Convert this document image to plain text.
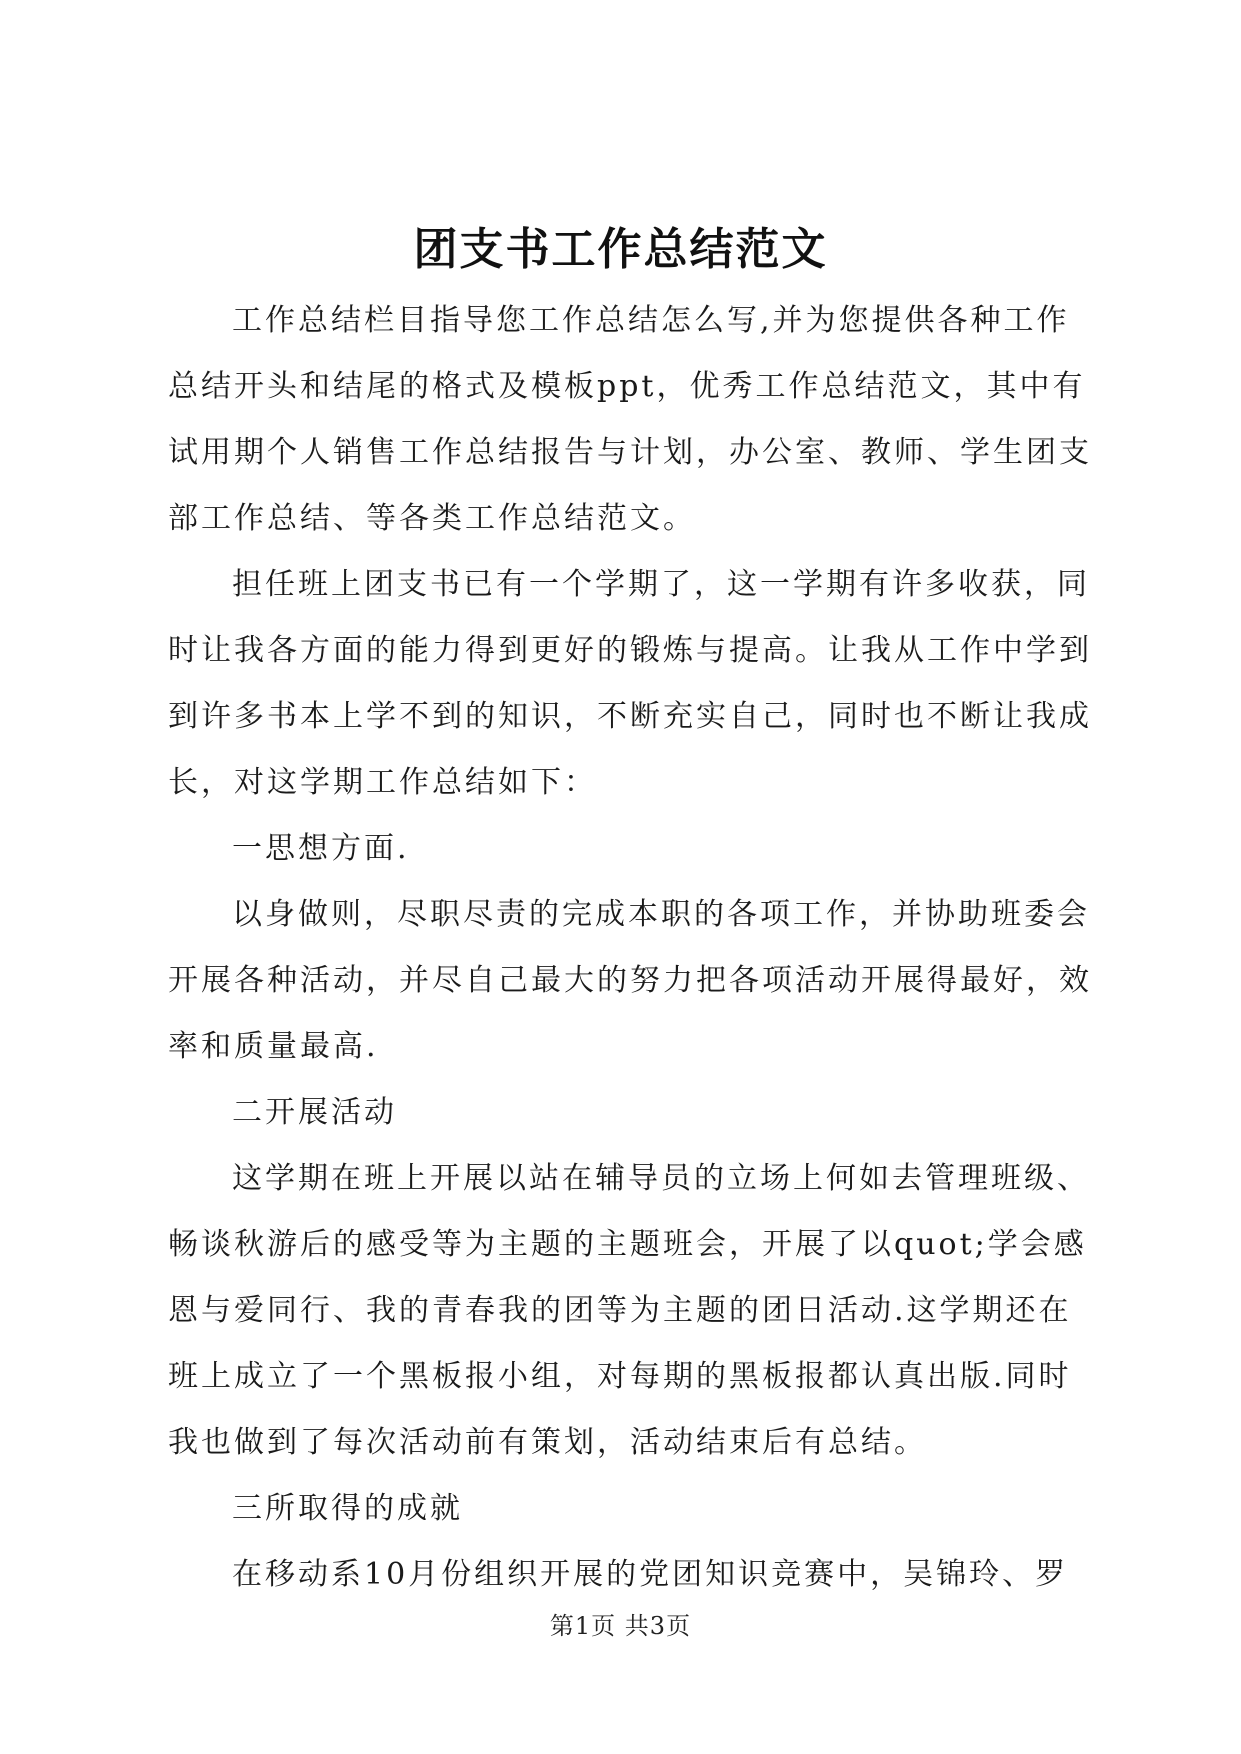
团支书工作总结范文
工作总结栏目指导您工作总结怎么写,并为您提供各种工作
总结开头和结尾的格式及模板ppt，优秀工作总结范文，其中有
试用期个人销售工作总结报告与计划，办公室、教师、学生团支
部工作总结、等各类工作总结范文。
担任班上团支书已有一个学期了，这一学期有许多收获，同
时让我各方面的能力得到更好的锻炼与提高。让我从工作中学到
到许多书本上学不到的知识，不断充实自己，同时也不断让我成
长，对这学期工作总结如下：
一思想方面.
以身做则，尽职尽责的完成本职的各项工作，并协助班委会
开展各种活动，并尽自己最大的努力把各项活动开展得最好，效
率和质量最高.
二开展活动
这学期在班上开展以站在辅导员的立场上何如去管理班级、
畅谈秋游后的感受等为主题的主题班会，开展了以quot;学会感
恩与爱同行、我的青春我的团等为主题的团日活动.这学期还在
班上成立了一个黑板报小组，对每期的黑板报都认真出版.同时
我也做到了每次活动前有策划，活动结束后有总结。
三所取得的成就
在移动系10月份组织开展的党团知识竞赛中，吴锦玲、罗
第1页 共3页
